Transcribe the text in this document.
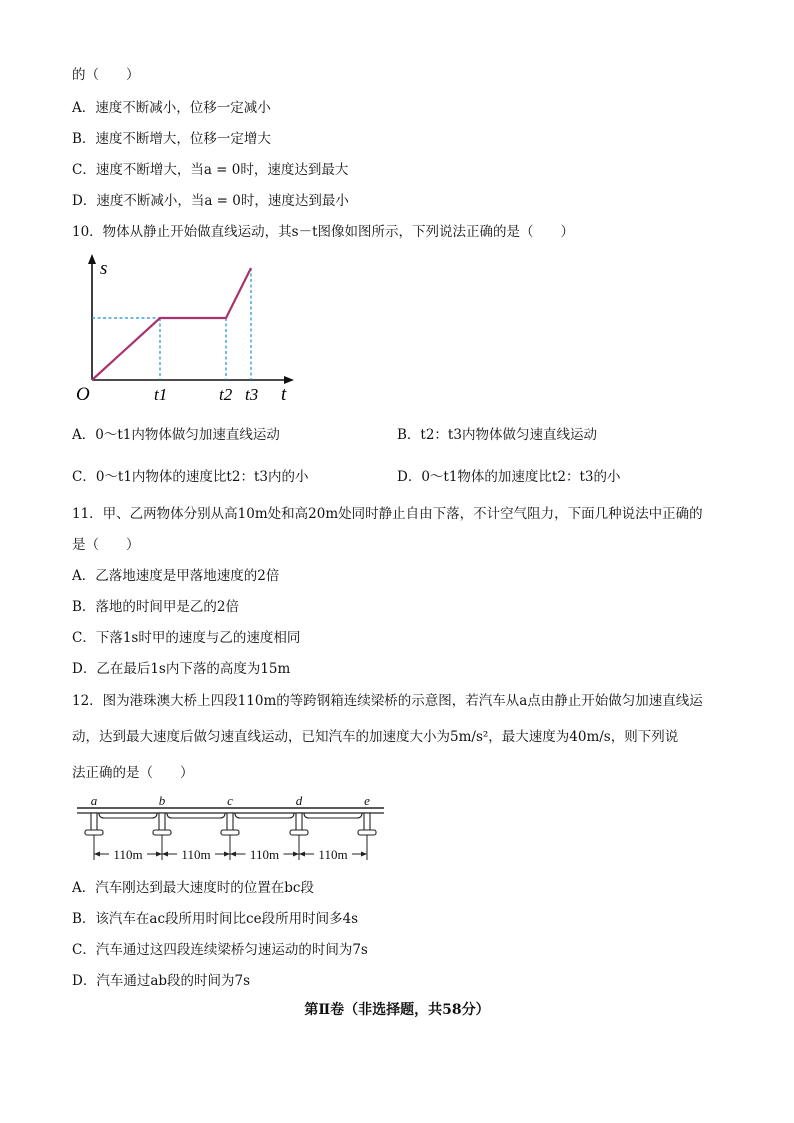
的（　　）
A．速度不断减小，位移一定减小
B．速度不断增大，位移一定增大
C．速度不断增大，当a = 0时，速度达到最大
D．速度不断减小，当a = 0时，速度达到最小
10．物体从静止开始做直线运动，其s－t图像如图所示，下列说法正确的是（　　）
s
t
O	t1	t2 t3
A．0～t1内物体做匀加速直线运动	B．t2：t3内物体做匀速直线运动
C．0～t1内物体的速度比t2：t3内的小	D．0～t1物体的加速度比t2：t3的小
11．甲、乙两物体分别从高10m处和高20m处同时静止自由下落，不计空气阻力，下面几种说法中正确的
是（　　）
A．乙落地速度是甲落地速度的2倍
B．落地的时间甲是乙的2倍
C．下落1s时甲的速度与乙的速度相同
D．乙在最后1s内下落的高度为15m
12．图为港珠澳大桥上四段110m的等跨钢箱连续梁桥的示意图，若汽车从a点由静止开始做匀加速直线运
动，达到最大速度后做匀速直线运动，已知汽车的加速度大小为5m/s²，最大速度为40m/s，则下列说
法正确的是（　　）
a	b	c	d	e
110m	110m	110m	110m
A．汽车刚达到最大速度时的位置在bc段
B．该汽车在ac段所用时间比ce段所用时间多4s
C．汽车通过这四段连续梁桥匀速运动的时间为7s
D．汽车通过ab段的时间为7s
第Ⅱ卷（非选择题，共58分）
